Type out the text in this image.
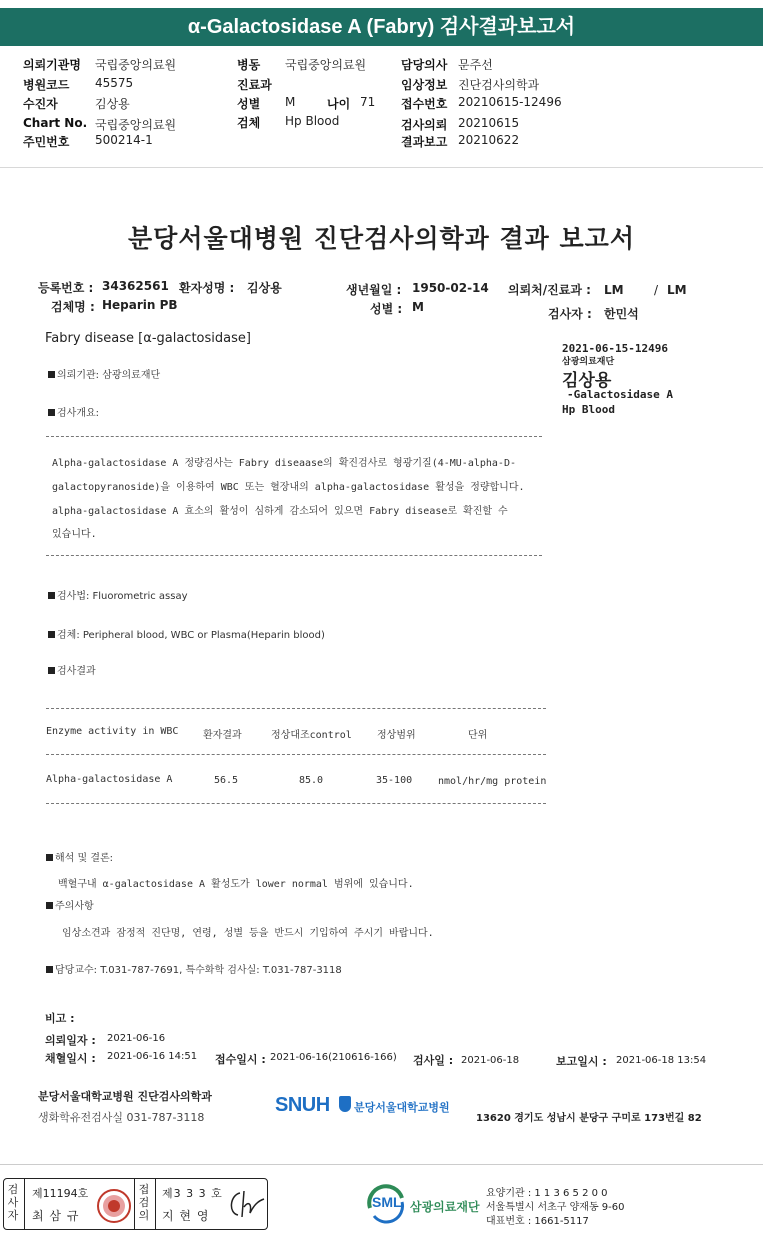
α-Galactosidase A (Fabry) 검사결과보고서
의뢰기관명 국립중앙의료원
병원코드 45575
수진자	김상용
Chart No. 국립중앙의료원
주민번호 500214-1
병동 국립중앙의료원
진료과
성별 M	나이 71
검체 Hp Blood
담당의사 문주선
임상정보 진단검사의학과
접수번호 20210615-12496
검사의뢰 20210615
결과보고 20210622
분당서울대병원 진단검사의학과 결과 보고서
등록번호 : 34362561 환자성명 : 김상용	생년월일 : 1950-02-14 의뢰처/진료과 : LM	/ LM
검체명 : Heparin PB	성별 : M	검사자 : 한민석
Fabry disease [α-galactosidase]
2021-06-15-12496
삼광의료재단
김상용
-Galactosidase A
Hp Blood
의뢰기관: 삼광의료재단
검사개요:
Alpha-galactosidase A 정량검사는 Fabry diseaase의 확진검사로 형광기질(4-MU-alpha-D-
galactopyranoside)을 이용하여 WBC 또는 혈장내의 alpha-galactosidase 활성을 정량합니다.
alpha-galactosidase A 효소의 활성이 심하게 감소되어 있으면 Fabry disease로 확진할 수
있습니다.
검사법: Fluorometric assay
검체: Peripheral blood, WBC or Plasma(Heparin blood)
검사결과
Enzyme activity in WBC 환자결과	정상대조control	정상범위	단위
Alpha-galactosidase A	56.5	85.0	35-100	nmol/hr/mg protein
해석 및 결론:
백혈구내 α-galactosidase A 활성도가 lower normal 범위에 있습니다.
주의사항
임상소견과 잠정적 진단명, 연령, 성별 등을 반드시 기입하여 주시기 바랍니다.
담당교수: T.031-787-7691, 특수화학 검사실: T.031-787-3118
비고 :
의뢰일자 : 2021-06-16
채혈일시 : 2021-06-16 14:51 접수일시 : 2021-06-16(210616-166) 검사일 : 2021-06-18	보고일시 : 2021-06-18 13:54
분당서울대학교병원 진단검사의학과
생화학유전검사실 031-787-3118
SNUH 분당서울대학교병원
13620 경기도 성남시 분당구 구미로 173번길 82
검사자
제11194호
최 삼 규
접검의
제3 3 3 호
지 현 영
SML 삼광의료재단
요양기관 : 1 1 3 6 5 2 0 0
서울특별시 서초구 양재동 9-60
대표번호 : 1661-5117
